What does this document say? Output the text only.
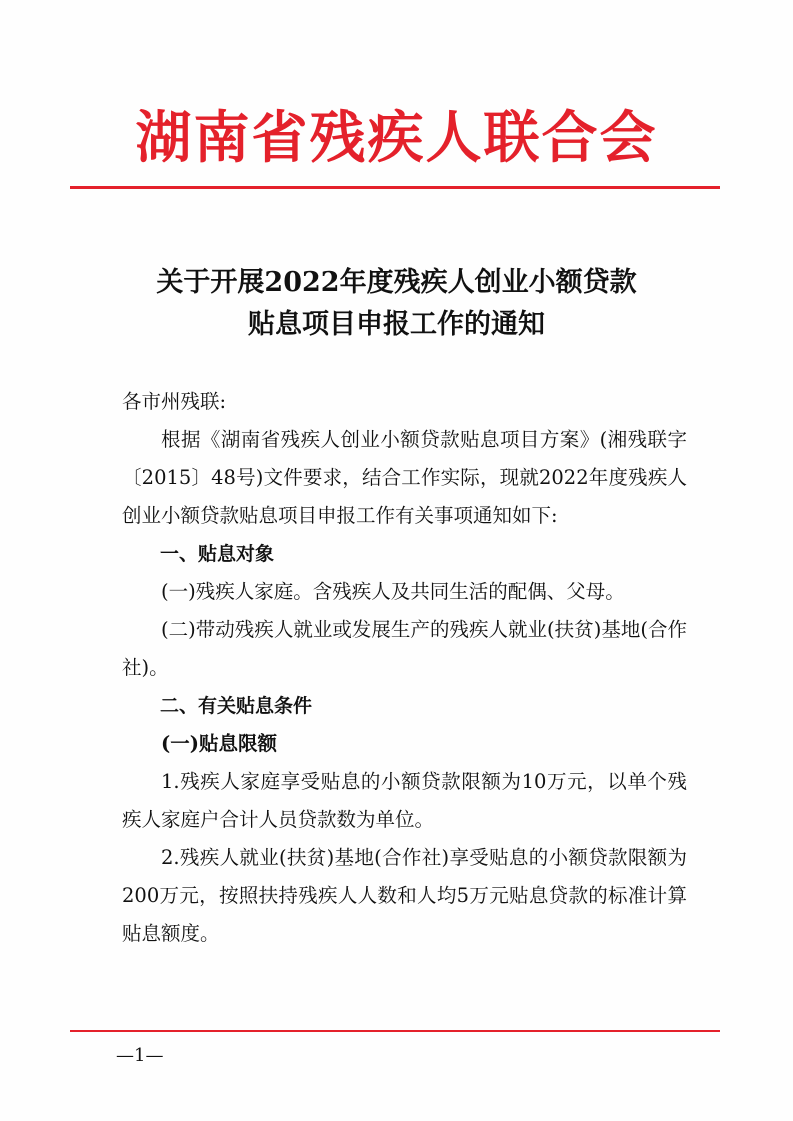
湖南省残疾人联合会
关于开展2022年度残疾人创业小额贷款
贴息项目申报工作的通知

各市州残联:

根据《湖南省残疾人创业小额贷款贴息项目方案》(湘残联字〔2015〕48号)文件要求，结合工作实际，现就2022年度残疾人创业小额贷款贴息项目申报工作有关事项通知如下:

一、贴息对象

(一)残疾人家庭。含残疾人及共同生活的配偶、父母。

(二)带动残疾人就业或发展生产的残疾人就业(扶贫)基地(合作社)。

二、有关贴息条件

(一)贴息限额

1.残疾人家庭享受贴息的小额贷款限额为10万元，以单个残疾人家庭户合计人员贷款数为单位。

2.残疾人就业(扶贫)基地(合作社)享受贴息的小额贷款限额为200万元，按照扶持残疾人人数和人均5万元贴息贷款的标准计算贴息额度。

—1—
